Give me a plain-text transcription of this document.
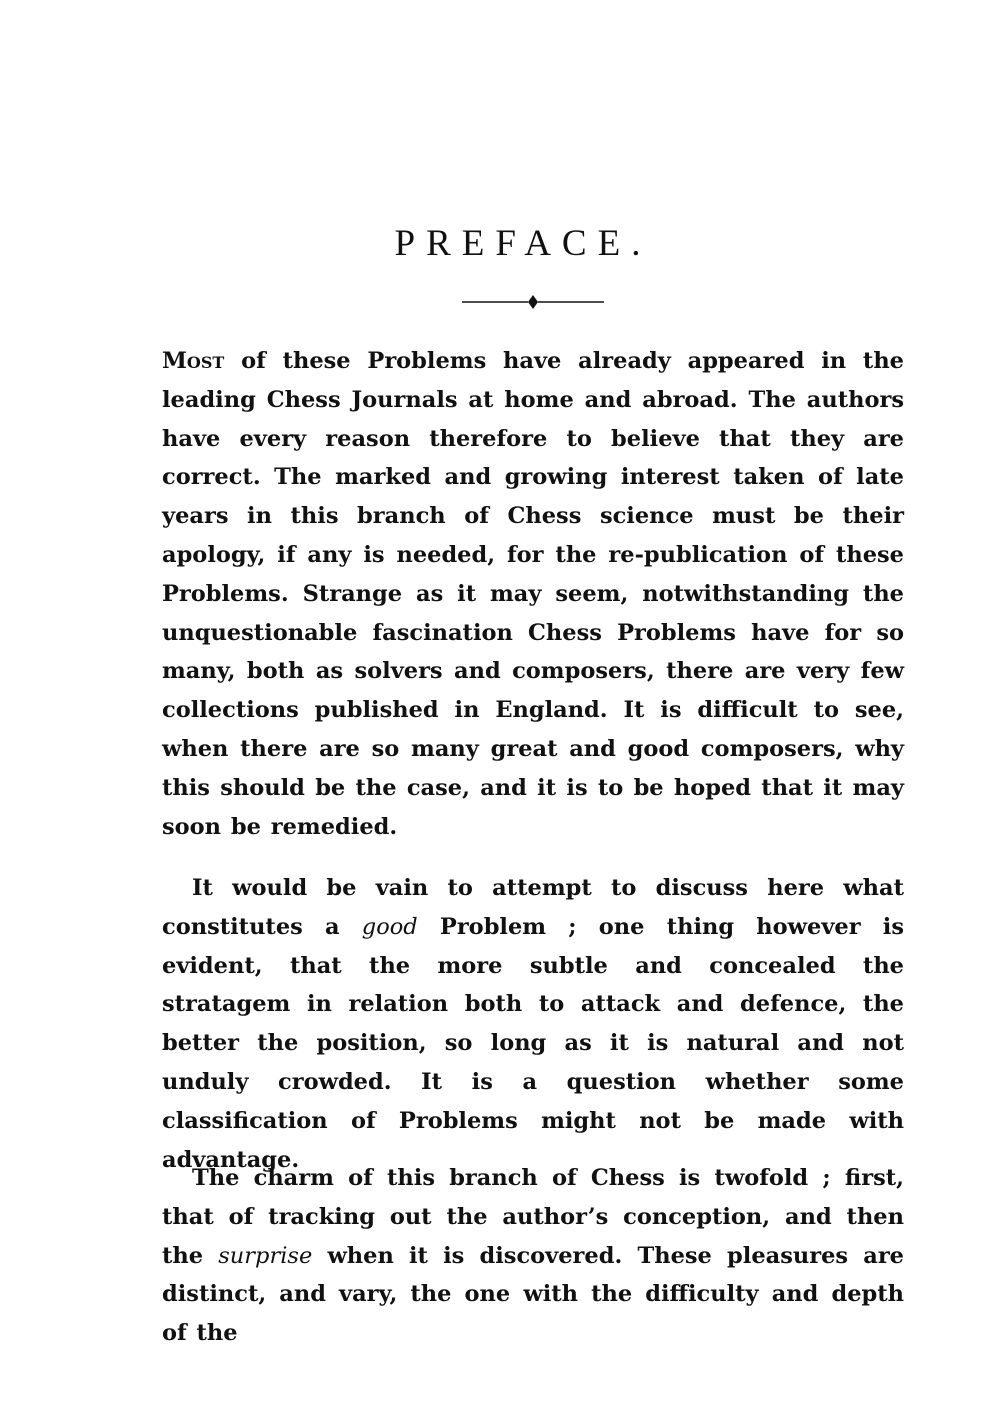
PREFACE.

Most of these Problems have already appeared in the leading Chess Journals at home and abroad. The authors have every reason therefore to believe that they are correct. The marked and growing interest taken of late years in this branch of Chess science must be their apology, if any is needed, for the re-publication of these Problems. Strange as it may seem, notwithstanding the unquestionable fascination Chess Problems have for so many, both as solvers and composers, there are very few collections published in England. It is difficult to see, when there are so many great and good composers, why this should be the case, and it is to be hoped that it may soon be remedied.

It would be vain to attempt to discuss here what constitutes a good Problem ; one thing however is evident, that the more subtle and concealed the stratagem in relation both to attack and defence, the better the position, so long as it is natural and not unduly crowded. It is a question whether some classification of Problems might not be made with advantage.

The charm of this branch of Chess is twofold ; first, that of tracking out the author’s conception, and then the surprise when it is discovered. These pleasures are distinct, and vary, the one with the difficulty and depth of the
